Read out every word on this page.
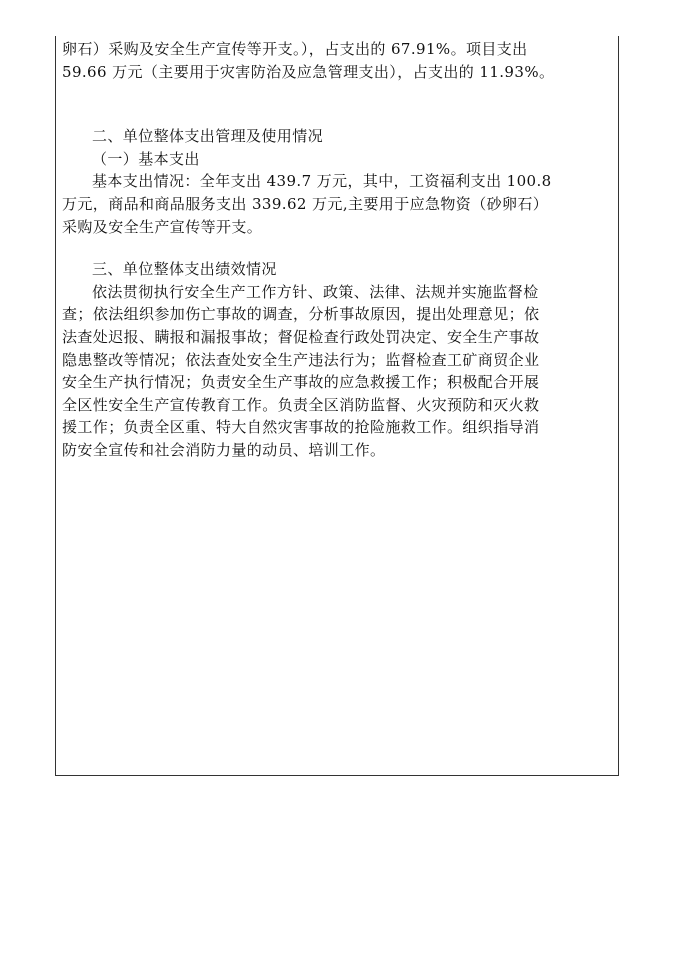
卵石）采购及安全生产宣传等开支。），占支出的 67.91%。项目支出
59.66 万元（主要用于灾害防治及应急管理支出），占支出的 11.93%。
二、单位整体支出管理及使用情况
（一）基本支出
基本支出情况：全年支出 439.7 万元，其中，工资福利支出 100.8
万元，商品和商品服务支出 339.62 万元,主要用于应急物资（砂卵石）
采购及安全生产宣传等开支。
三、单位整体支出绩效情况
依法贯彻执行安全生产工作方针、政策、法律、法规并实施监督检
查；依法组织参加伤亡事故的调查，分析事故原因，提出处理意见；依
法查处迟报、瞒报和漏报事故；督促检查行政处罚决定、安全生产事故
隐患整改等情况；依法查处安全生产违法行为；监督检查工矿商贸企业
安全生产执行情况；负责安全生产事故的应急救援工作；积极配合开展
全区性安全生产宣传教育工作。负责全区消防监督、火灾预防和灭火救
援工作；负责全区重、特大自然灾害事故的抢险施救工作。组织指导消
防安全宣传和社会消防力量的动员、培训工作。
